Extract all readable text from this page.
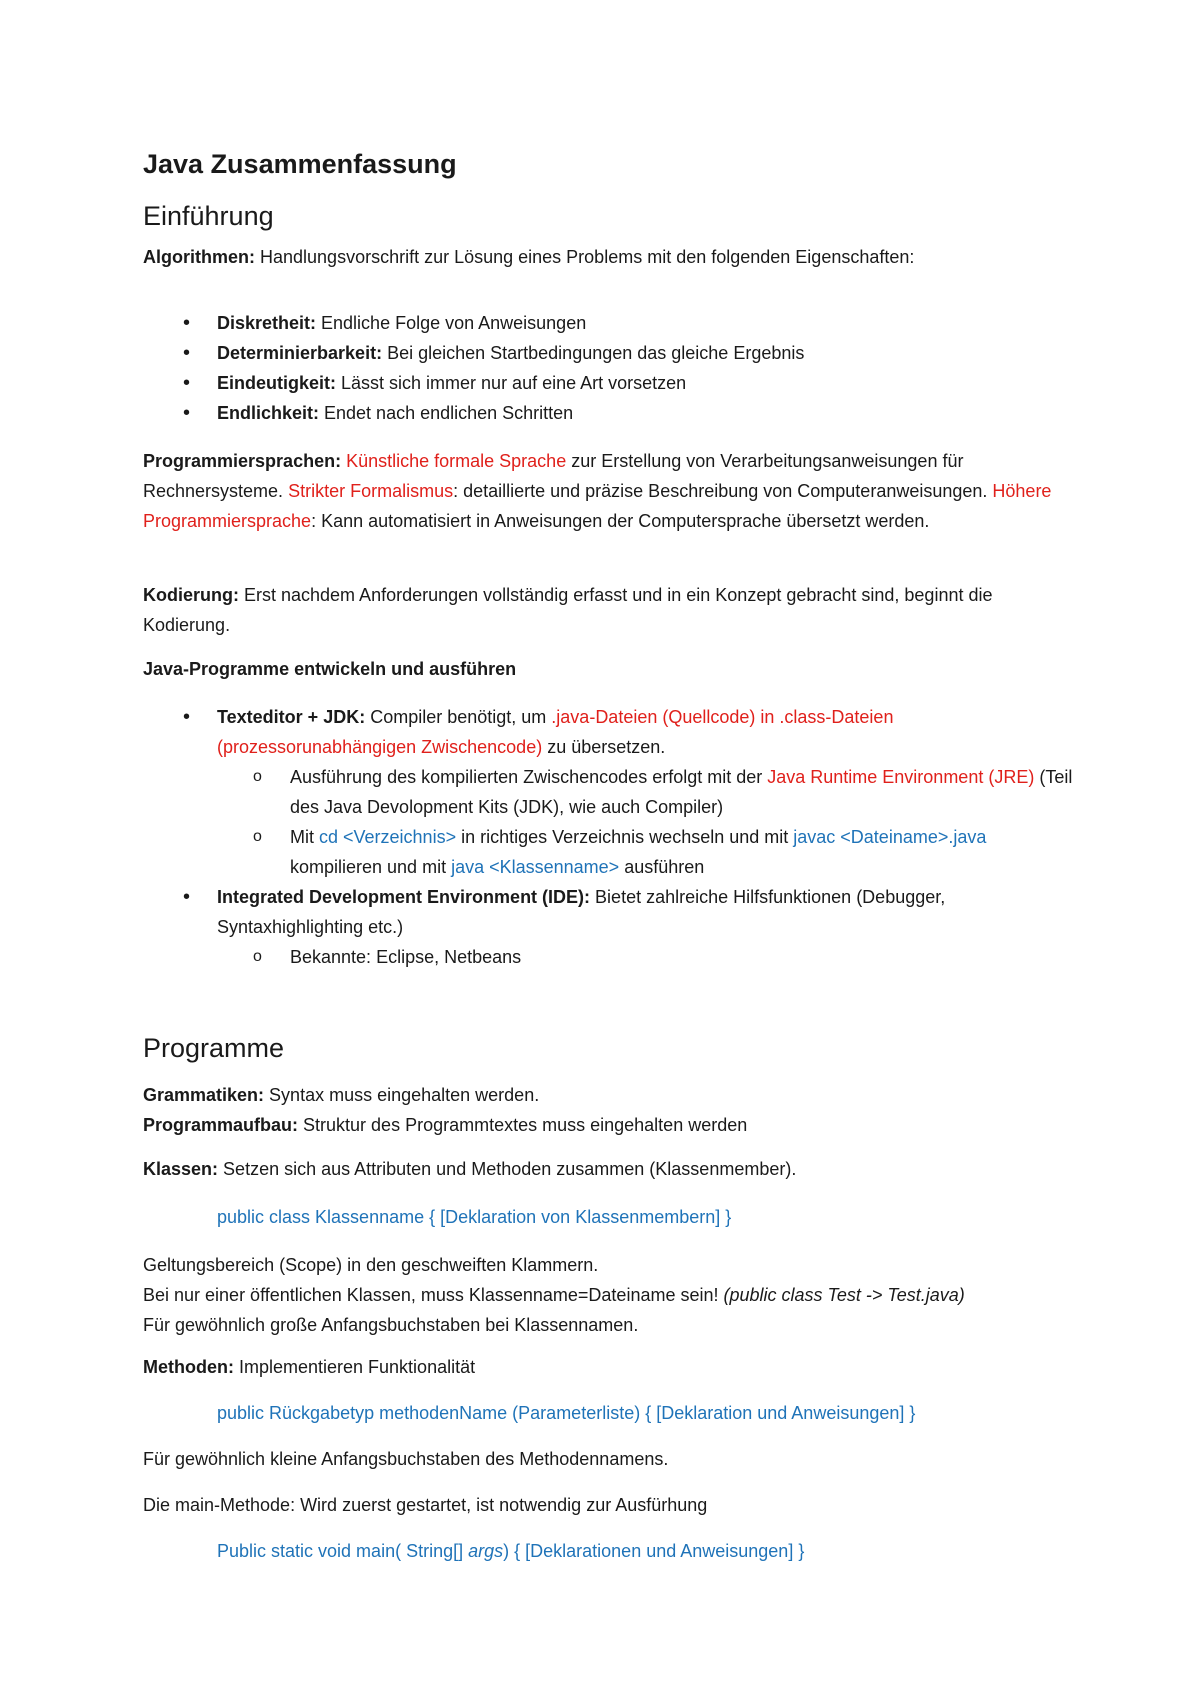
Java Zusammenfassung
Einführung
Algorithmen: Handlungsvorschrift zur Lösung eines Problems mit den folgenden Eigenschaften:
• Diskretheit: Endliche Folge von Anweisungen
• Determinierbarkeit: Bei gleichen Startbedingungen das gleiche Ergebnis
• Eindeutigkeit: Lässt sich immer nur auf eine Art vorsetzen
• Endlichkeit: Endet nach endlichen Schritten
Programmiersprachen: Künstliche formale Sprache zur Erstellung von Verarbeitungsanweisungen für Rechnersysteme. Strikter Formalismus: detaillierte und präzise Beschreibung von Computeranweisungen. Höhere Programmiersprache: Kann automatisiert in Anweisungen der Computersprache übersetzt werden.
Kodierung: Erst nachdem Anforderungen vollständig erfasst und in ein Konzept gebracht sind, beginnt die Kodierung.
Java-Programme entwickeln und ausführen
• Texteditor + JDK: Compiler benötigt, um .java-Dateien (Quellcode) in .class-Dateien (prozessorunabhängigen Zwischencode) zu übersetzen.
o Ausführung des kompilierten Zwischencodes erfolgt mit der Java Runtime Environment (JRE) (Teil des Java Devolopment Kits (JDK), wie auch Compiler)
o Mit cd <Verzeichnis> in richtiges Verzeichnis wechseln und mit javac <Dateiname>.java kompilieren und mit java <Klassenname> ausführen
• Integrated Development Environment (IDE): Bietet zahlreiche Hilfsfunktionen (Debugger, Syntaxhighlighting etc.)
o Bekannte: Eclipse, Netbeans
Programme
Grammatiken: Syntax muss eingehalten werden.
Programmaufbau: Struktur des Programmtextes muss eingehalten werden
Klassen: Setzen sich aus Attributen und Methoden zusammen (Klassenmember).
public class Klassenname { [Deklaration von Klassenmembern] }
Geltungsbereich (Scope) in den geschweiften Klammern.
Bei nur einer öffentlichen Klassen, muss Klassenname=Dateiname sein! (public class Test -> Test.java)
Für gewöhnlich große Anfangsbuchstaben bei Klassennamen.
Methoden: Implementieren Funktionalität
public Rückgabetyp methodenName (Parameterliste) { [Deklaration und Anweisungen] }
Für gewöhnlich kleine Anfangsbuchstaben des Methodennamens.
Die main-Methode: Wird zuerst gestartet, ist notwendig zur Ausfürhung
Public static void main( String[] args) { [Deklarationen und Anweisungen] }
